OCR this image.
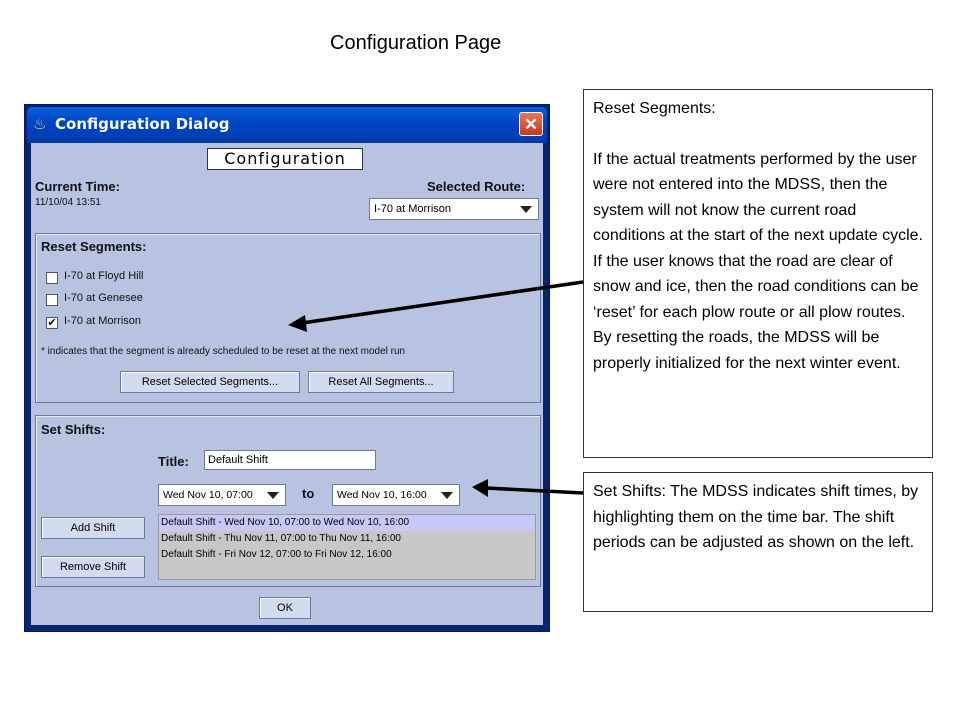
Configuration Page
♨ Configuration Dialog	✕
Configuration
Current Time:
11/10/04 13:51
Selected Route:
I-70 at Morrison
Reset Segments:
I-70 at Floyd Hill
I-70 at Genesee
✔ I-70 at Morrison
* indicates that the segment is already scheduled to be reset at the next model run
Reset Selected Segments...	Reset All Segments...
Set Shifts:
Title:	Default Shift
Wed Nov 10, 07:00	to	Wed Nov 10, 16:00
Add Shift
Remove Shift
Default Shift - Wed Nov 10, 07:00 to Wed Nov 10, 16:00
Default Shift - Thu Nov 11, 07:00 to Thu Nov 11, 16:00
Default Shift - Fri Nov 12, 07:00 to Fri Nov 12, 16:00
OK
Reset Segments:
If the actual treatments performed by the user were not entered into the MDSS, then the system will not know the current road conditions at the start of the next update cycle. If the user knows that the road are clear of snow and ice, then the road conditions can be ‘reset’ for each plow route or all plow routes. By resetting the roads, the MDSS will be properly initialized for the next winter event.
Set Shifts: The MDSS indicates shift times, by highlighting them on the time bar. The shift periods can be adjusted as shown on the left.
